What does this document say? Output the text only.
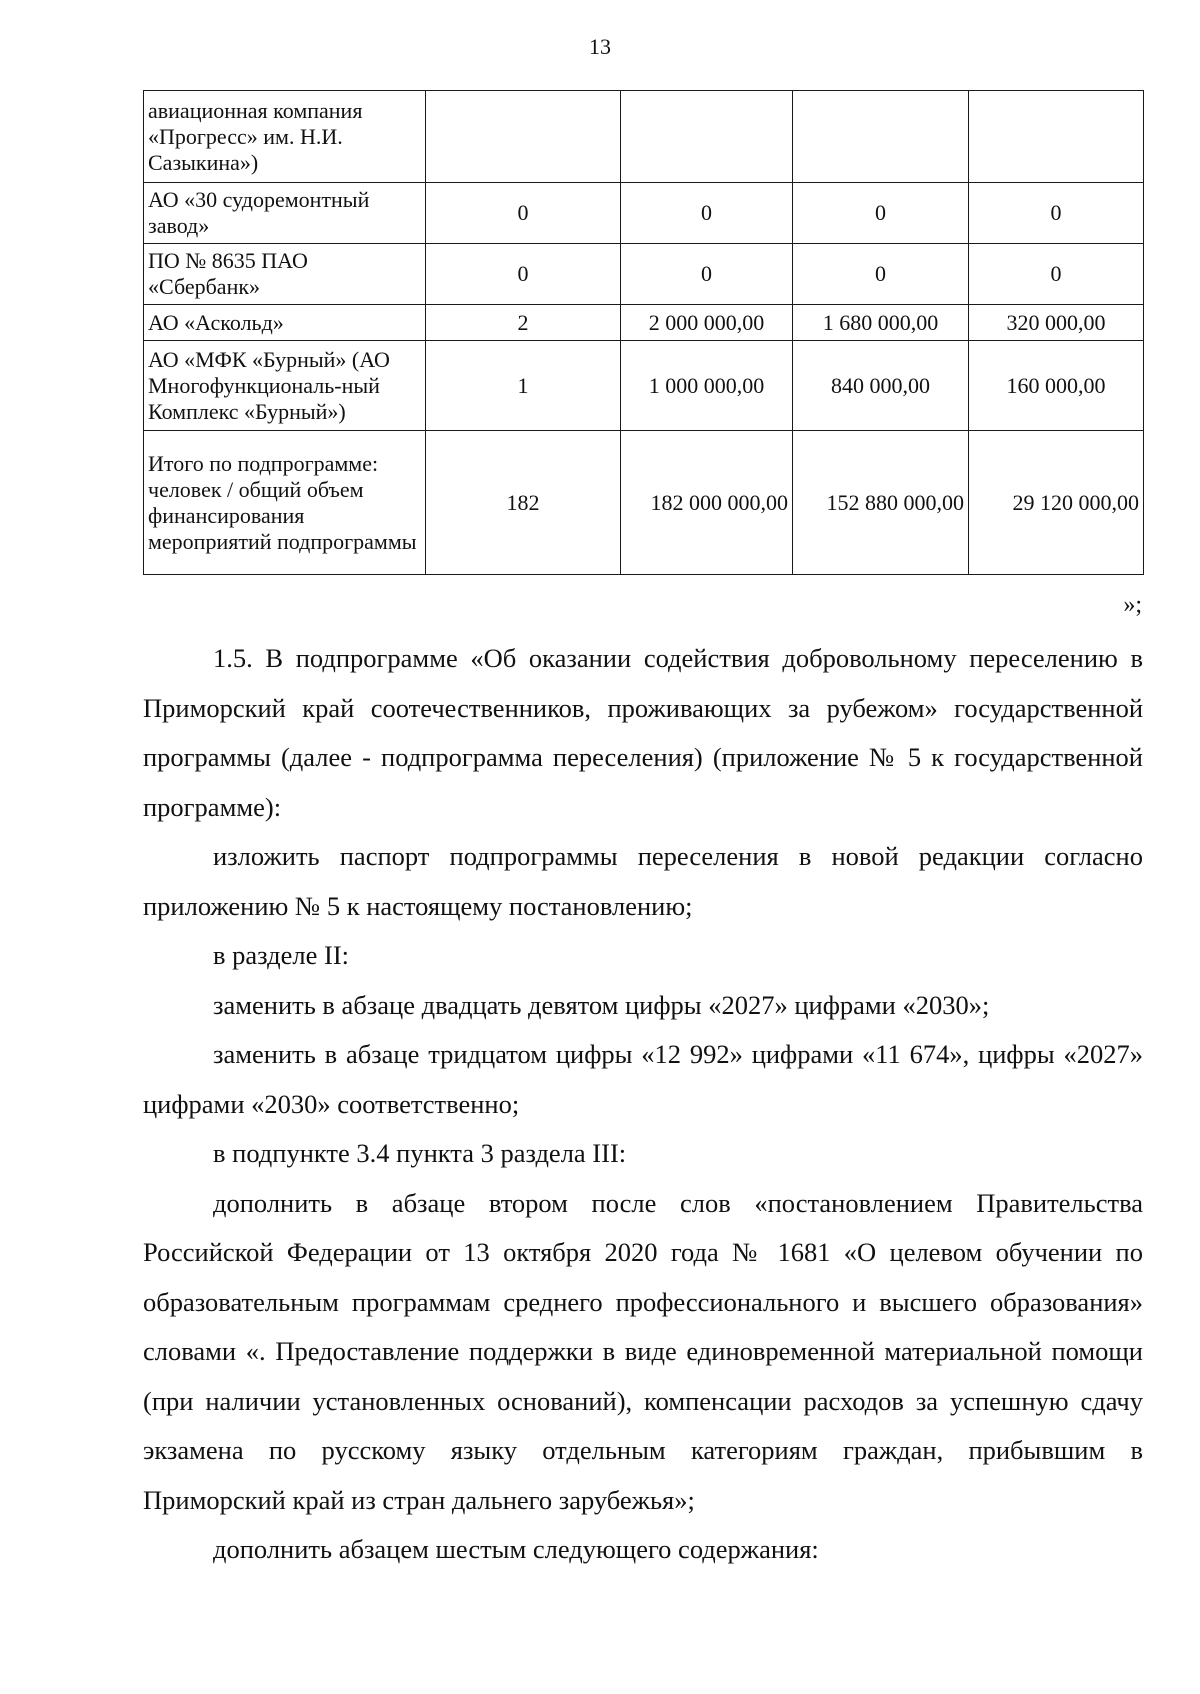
13
авиационная компания «Прогресс» им. Н.И. Сазыкина»)				
АО «30 судоремонтный завод»	0	0	0	0
ПО № 8635 ПАО «Сбербанк»	0	0	0	0
АО «Аскольд»	2	2 000 000,00	1 680 000,00	320 000,00
АО «МФК «Бурный» (АО Многофункциональ-ный Комплекс «Бурный»)	1	1 000 000,00	840 000,00	160 000,00
Итого по подпрограмме: человек / общий объем финансирования мероприятий подпрограммы	182	182 000 000,00	152 880 000,00	29 120 000,00
»;

1.5. В подпрограмме «Об оказании содействия добровольному переселению в Приморский край соотечественников, проживающих за рубежом» государственной программы (далее - подпрограмма переселения) (приложение № 5 к государственной программе):

изложить паспорт подпрограммы переселения в новой редакции согласно приложению № 5 к настоящему постановлению;

в разделе II:

заменить в абзаце двадцать девятом цифры «2027» цифрами «2030»;

заменить в абзаце тридцатом цифры «12 992» цифрами «11 674», цифры «2027» цифрами «2030» соответственно;

в подпункте 3.4 пункта 3 раздела III:

дополнить в абзаце втором после слов «постановлением Правительства Российской Федерации от 13 октября 2020 года № 1681 «О целевом обучении по образовательным программам среднего профессионального и высшего образования» словами «. Предоставление поддержки в виде единовременной материальной помощи (при наличии установленных оснований), компенсации расходов за успешную сдачу экзамена по русскому языку отдельным категориям граждан, прибывшим в Приморский край из стран дальнего зарубежья»;

дополнить абзацем шестым следующего содержания:
